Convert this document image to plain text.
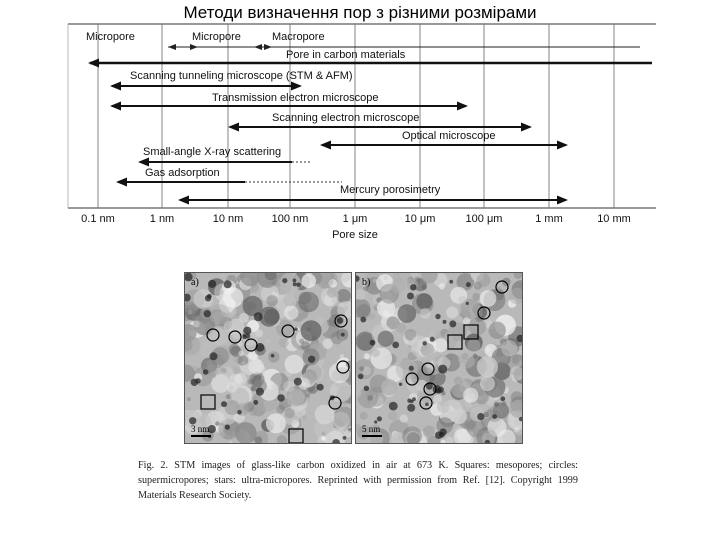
Методи визначення пор з різними розмірами
Micropore	Micropore	Macropore
Pore in carbon materials
Scanning tunneling microscope (STM & AFM)
Transmission electron microscope
Scanning electron microscope
Optical microscope
Small-angle X-ray scattering
Gas adsorption
Mercury porosimetry
0.1 nm	1 nm	10 nm	100 nm	1 μm	10 μm	100 μm	1 mm	10 mm
Pore size
a)
3 nm
b)
5 nm
Fig. 2. STM images of glass-like carbon oxidized in air at 673 K. Squares: mesopores; circles: supermicropores; stars: ultra-micropores. Reprinted with permission from Ref. [12]. Copyright 1999 Materials Research Society.
